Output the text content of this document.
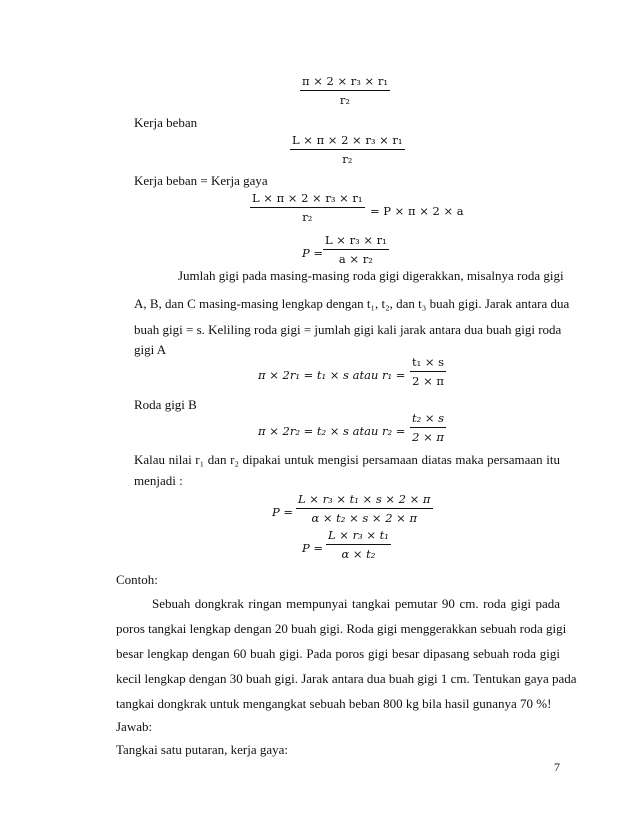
$\frac{\text{π × 2 × r₃ × r₁}}{\text{r₂}}$
Kerja beban
$\frac{\text{L × π × 2 × r₃ × r₁}}{\text{r₂}}$
Kerja beban = Kerja gaya
$\frac{\text{L × π × 2 × r₃ × r₁}}{\text{r₂}} = P \times \pi \times 2 \times a$
$P = \frac{\text{L × r₃ × r₁}}{\text{a × r₂}}$
Jumlah gigi pada masing-masing roda gigi digerakkan, misalnya roda gigi
A, B, dan C masing-masing lengkap dengan t₁, t₂, dan t₃ buah gigi. Jarak antara dua
buah gigi = s. Keliling roda gigi = jumlah gigi kali jarak antara dua buah gigi roda
gigi A
π × 2r₁ = t₁ × s atau $r_1 = \frac{\text{t₁ × s}}{2 \times \pi}$
Roda gigi B
π × 2r₂ = t₂ × s atau $r_2 = \frac{\text{t₂ × s}}{2 \times \pi}$
Kalau nilai r₁ dan r₂ dipakai untuk mengisi persamaan diatas maka persamaan itu
menjadi :
$P = \frac{\text{L × r₃ × t₁ × s × 2 × π}}{\text{α × t₂ × s × 2 × π}}$
$P = \frac{\text{L × r₃ × t₁}}{\text{α × t₂}}$
Contoh:
Sebuah dongkrak ringan mempunyai tangkai pemutar 90 cm. roda gigi pada
poros tangkai lengkap dengan 20 buah gigi. Roda gigi menggerakkan sebuah roda gigi
besar lengkap dengan 60 buah gigi. Pada poros gigi besar dipasang sebuah roda gigi
kecil lengkap dengan 30 buah gigi. Jarak antara dua buah gigi 1 cm. Tentukan gaya pada
tangkai dongkrak untuk mengangkat sebuah beban 800 kg bila hasil gunanya 70 %!
Jawab:
Tangkai satu putaran, kerja gaya:
7
